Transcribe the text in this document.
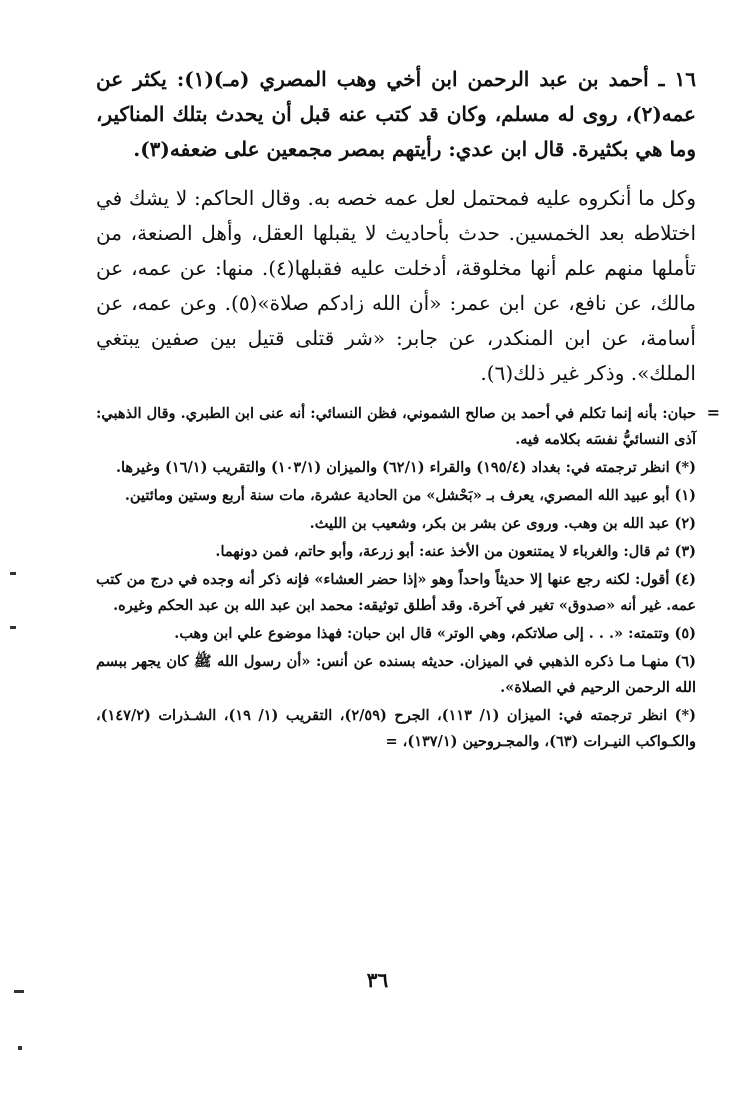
١٦ ـ أحمد بن عبد الرحمن ابن أخي وهب المصري (مـ)(١): يكثر عن عمه(٢)، روى له مسلم، وكان قد كتب عنه قبل أن يحدث بتلك المناكير، وما هي بكثيرة. قال ابن عدي: رأيتهم بمصر مجمعين على ضعفه(٣).

وكل ما أنكروه عليه فمحتمل لعل عمه خصه به. وقال الحاكم: لا يشك في اختلاطه بعد الخمسين. حدث بأحاديث لا يقبلها العقل، وأهل الصنعة، من تأملها منهم علم أنها مخلوقة، أدخلت عليه فقبلها(٤). منها: عن عمه، عن مالك، عن نافع، عن ابن عمر: «أن الله زادكم صلاة»(٥). وعن عمه، عن أسامة، عن ابن المنكدر، عن جابر: «شر قتلى قتيل بين صفين يبتغي الملك». وذكر غير ذلك(٦).

=

حبان: بأنه إنما تكلم في أحمد بن صالح الشموني، فظن النسائي: أنه عنى ابن الطبري. وقال الذهبي: آذى النسائيُّ نفسَه بكلامه فيه.

(*) انظر ترجمته في: بغداد (١٩٥/٤) والقراء (٦٢/١) والميزان (١٠٣/١) والتقريب (١٦/١) وغيرها.

(١) أبو عبيد الله المصري، يعرف بـ «بَحْشل» من الحادية عشرة، مات سنة أربع وستين ومائتين.

(٢) عبد الله بن وهب. وروى عن بشر بن بكر، وشعيب بن الليث.

(٣) ثم قال: والغرباء لا يمتنعون من الأخذ عنه: أبو زرعة، وأبو حاتم، فمن دونهما.

(٤) أقول: لكنه رجع عنها إلا حديثاً واحداً وهو «إذا حضر العشاء» فإنه ذكر أنه وجده في درج من كتب عمه. غير أنه «صدوق» تغير في آخرة. وقد أطلق توثيقه: محمد ابن عبد الله بن عبد الحكم وغيره.

(٥) وتتمته: «. . . إلى صلاتكم، وهي الوتر» قال ابن حبان: فهذا موضوع علي ابن وهب.

(٦) منهـا مـا ذكره الذهبي في الميزان. حديثه بسنده عن أنس: «أن رسول الله ﷺ كان يجهر ببسم الله الرحمن الرحيم في الصلاة».

(*) انظر ترجمته في: الميزان (١/ ١١٣)، الجرح (٢/٥٩)، التقريب (١/ ١٩)، الشـذرات (١٤٧/٢)، والكـواكب النيـرات (٦٣)، والمجـروحين (١٣٧/١)، =

٣٦
